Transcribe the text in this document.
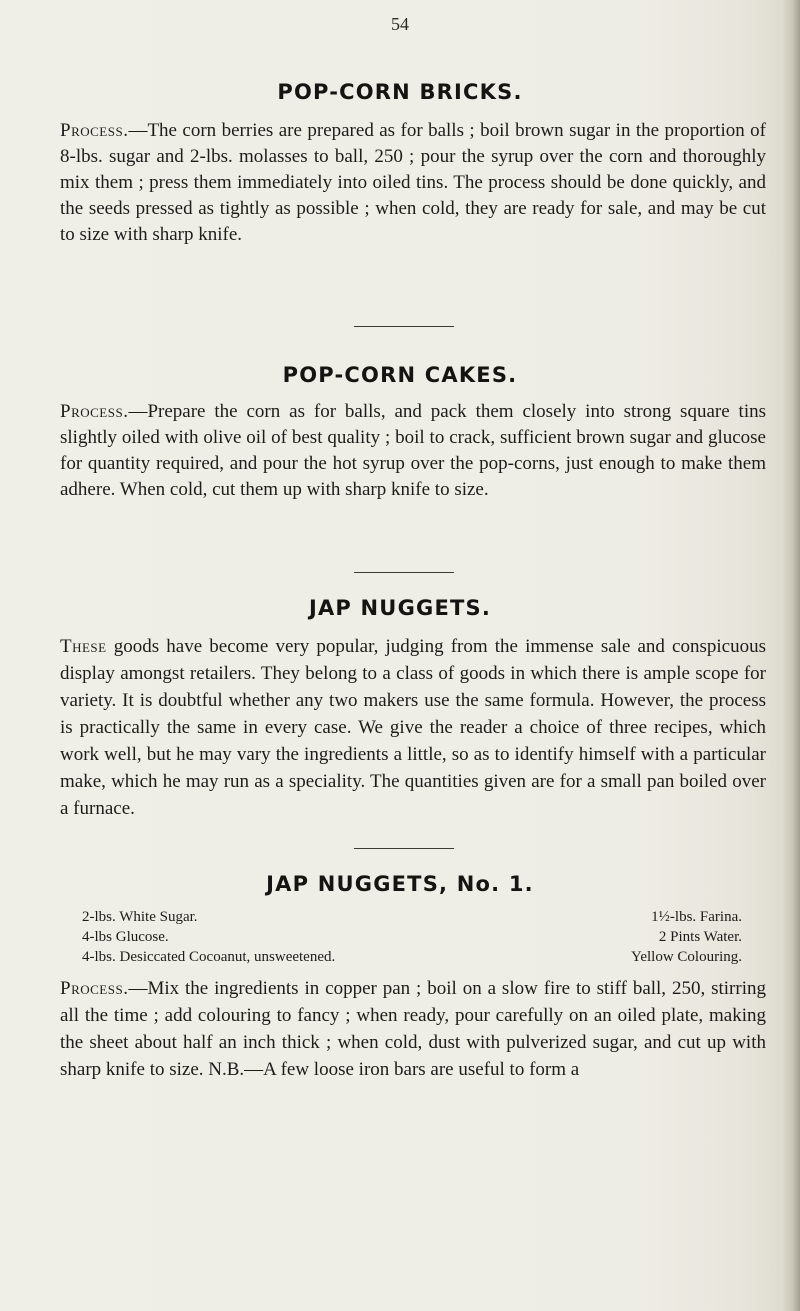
54
POP-CORN BRICKS.

Process.—The corn berries are prepared as for balls ; boil brown sugar in the proportion of 8-lbs. sugar and 2-lbs. molasses to ball, 250 ; pour the syrup over the corn and thoroughly mix them ; press them immediately into oiled tins. The process should be done quickly, and the seeds pressed as tightly as possible ; when cold, they are ready for sale, and may be cut to size with sharp knife.

POP-CORN CAKES.

Process.—Prepare the corn as for balls, and pack them closely into strong square tins slightly oiled with olive oil of best quality ; boil to crack, sufficient brown sugar and glucose for quantity required, and pour the hot syrup over the pop-corns, just enough to make them adhere. When cold, cut them up with sharp knife to size.

JAP NUGGETS.

These goods have become very popular, judging from the immense sale and conspicuous display amongst retailers. They belong to a class of goods in which there is ample scope for variety. It is doubtful whether any two makers use the same formula. However, the process is practically the same in every case. We give the reader a choice of three recipes, which work well, but he may vary the ingredients a little, so as to identify himself with a particular make, which he may run as a speciality. The quantities given are for a small pan boiled over a furnace.

JAP NUGGETS, No. 1.
2-lbs. White Sugar.	1½-lbs. Farina.
4-lbs Glucose.	2 Pints Water.
4-lbs. Desiccated Cocoanut, unsweetened.	Yellow Colouring.

Process.—Mix the ingredients in copper pan ; boil on a slow fire to stiff ball, 250, stirring all the time ; add colouring to fancy ; when ready, pour carefully on an oiled plate, making the sheet about half an inch thick ; when cold, dust with pulverized sugar, and cut up with sharp knife to size. N.B.—A few loose iron bars are useful to form a
